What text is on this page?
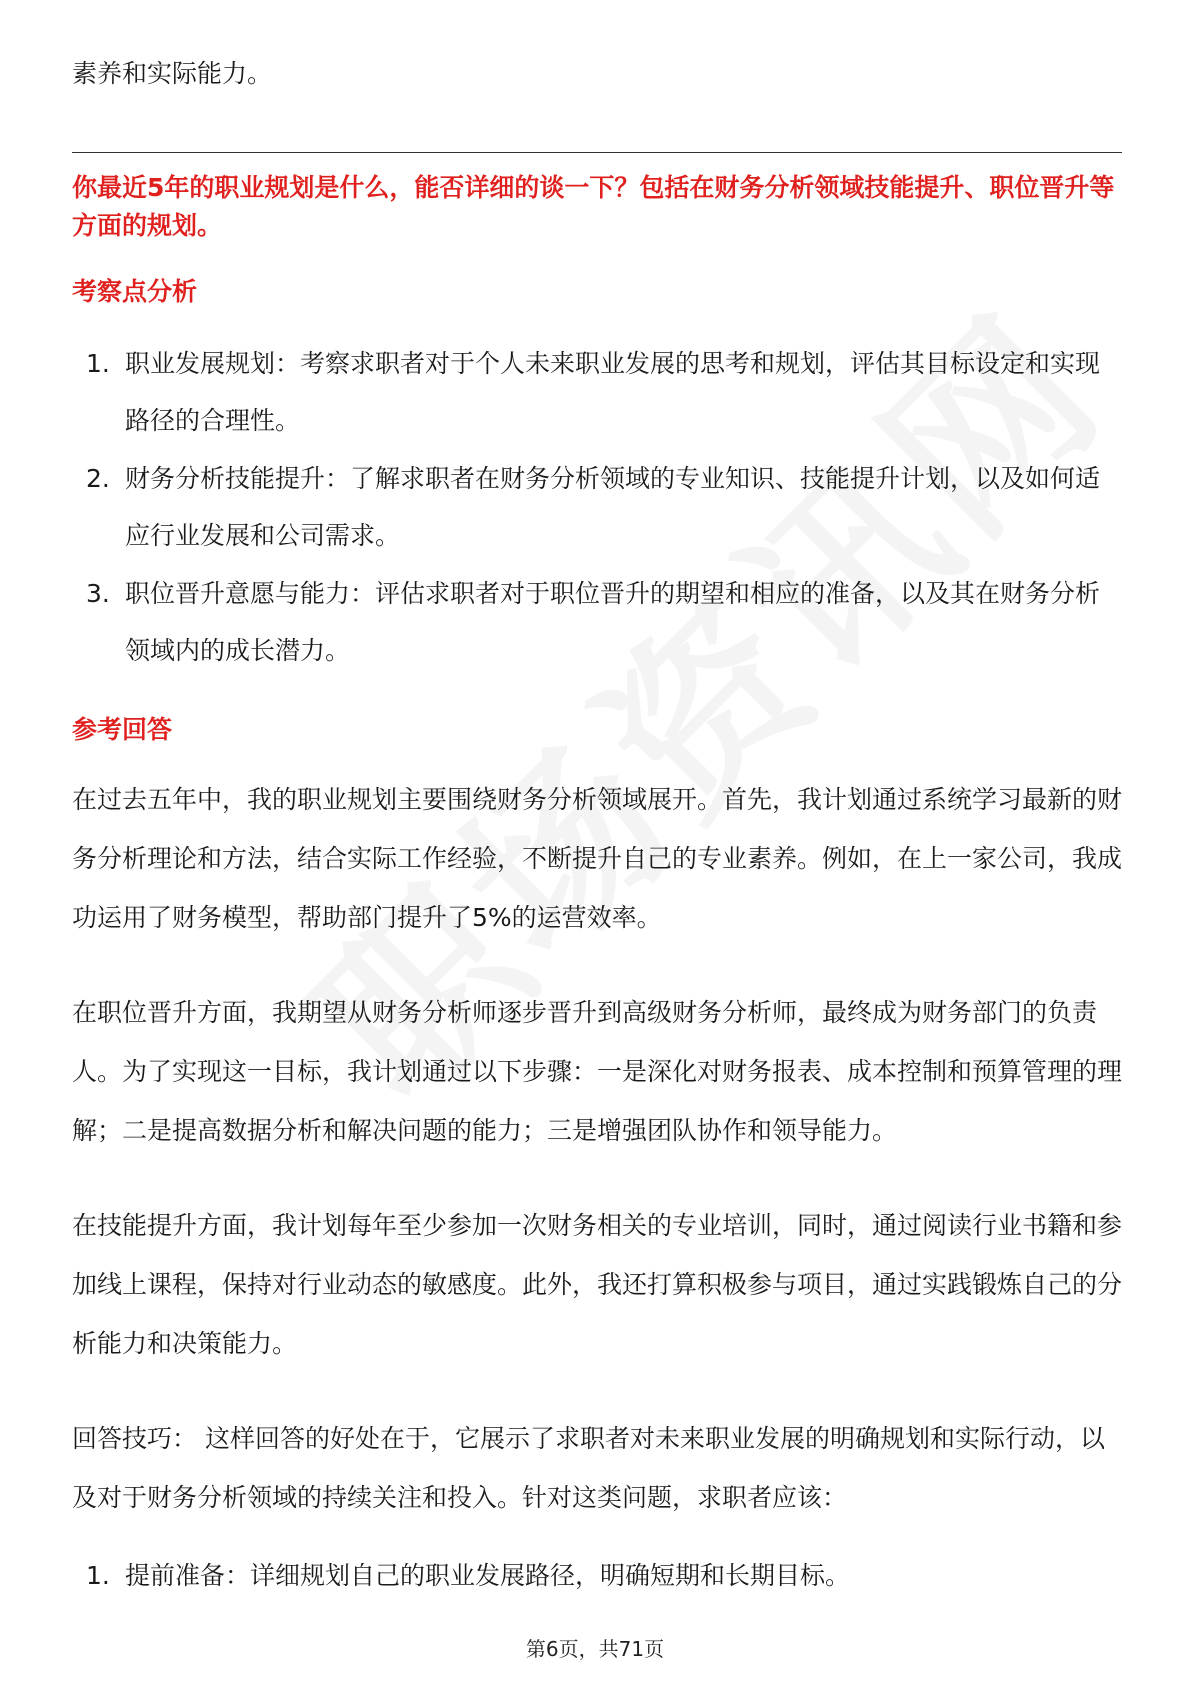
素养和实际能力。

你最近5年的职业规划是什么，能否详细的谈一下？包括在财务分析领域技能提升、职位晋升等方面的规划。

考察点分析

1. 职业发展规划：考察求职者对于个人未来职业发展的思考和规划，评估其目标设定和实现路径的合理性。
2. 财务分析技能提升：了解求职者在财务分析领域的专业知识、技能提升计划，以及如何适应行业发展和公司需求。
3. 职位晋升意愿与能力：评估求职者对于职位晋升的期望和相应的准备，以及其在财务分析领域内的成长潜力。

参考回答

在过去五年中，我的职业规划主要围绕财务分析领域展开。首先，我计划通过系统学习最新的财务分析理论和方法，结合实际工作经验，不断提升自己的专业素养。例如，在上一家公司，我成功运用了财务模型，帮助部门提升了5%的运营效率。

在职位晋升方面，我期望从财务分析师逐步晋升到高级财务分析师，最终成为财务部门的负责人。为了实现这一目标，我计划通过以下步骤：一是深化对财务报表、成本控制和预算管理的理解；二是提高数据分析和解决问题的能力；三是增强团队协作和领导能力。

在技能提升方面，我计划每年至少参加一次财务相关的专业培训，同时，通过阅读行业书籍和参加线上课程，保持对行业动态的敏感度。此外，我还打算积极参与项目，通过实践锻炼自己的分析能力和决策能力。

回答技巧： 这样回答的好处在于，它展示了求职者对未来职业发展的明确规划和实际行动，以及对于财务分析领域的持续关注和投入。针对这类问题，求职者应该：

1. 提前准备：详细规划自己的职业发展路径，明确短期和长期目标。
第6页，共71页
